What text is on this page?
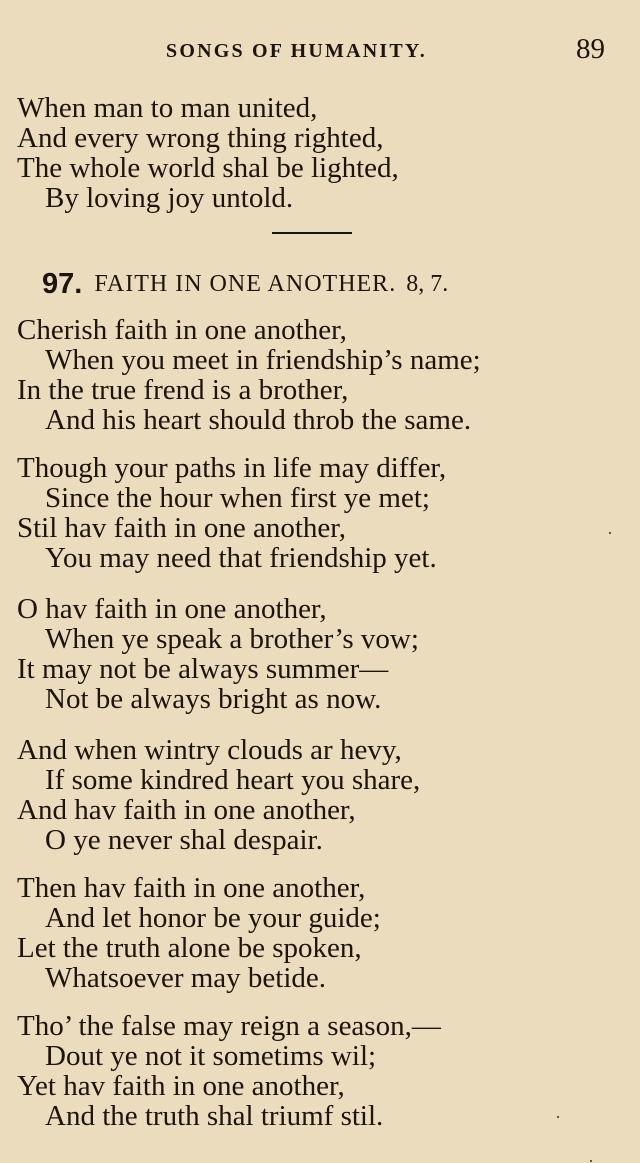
SONGS OF HUMANITY.	89
When man to man united,
And every wrong thing righted,
The whole world shal be lighted,
By loving joy untold.
97. FAITH IN ONE ANOTHER. 8, 7.
Cherish faith in one another,
When you meet in friendship’s name;
In the true frend is a brother,
And his heart should throb the same.
Though your paths in life may differ,
Since the hour when first ye met;
Stil hav faith in one another,
You may need that friendship yet.
O hav faith in one another,
When ye speak a brother’s vow;
It may not be always summer—
Not be always bright as now.
And when wintry clouds ar hevy,
If some kindred heart you share,
And hav faith in one another,
O ye never shal despair.
Then hav faith in one another,
And let honor be your guide;
Let the truth alone be spoken,
Whatsoever may betide.
Tho’ the false may reign a season,—
Dout ye not it sometims wil;
Yet hav faith in one another,
And the truth shal triumf stil.
